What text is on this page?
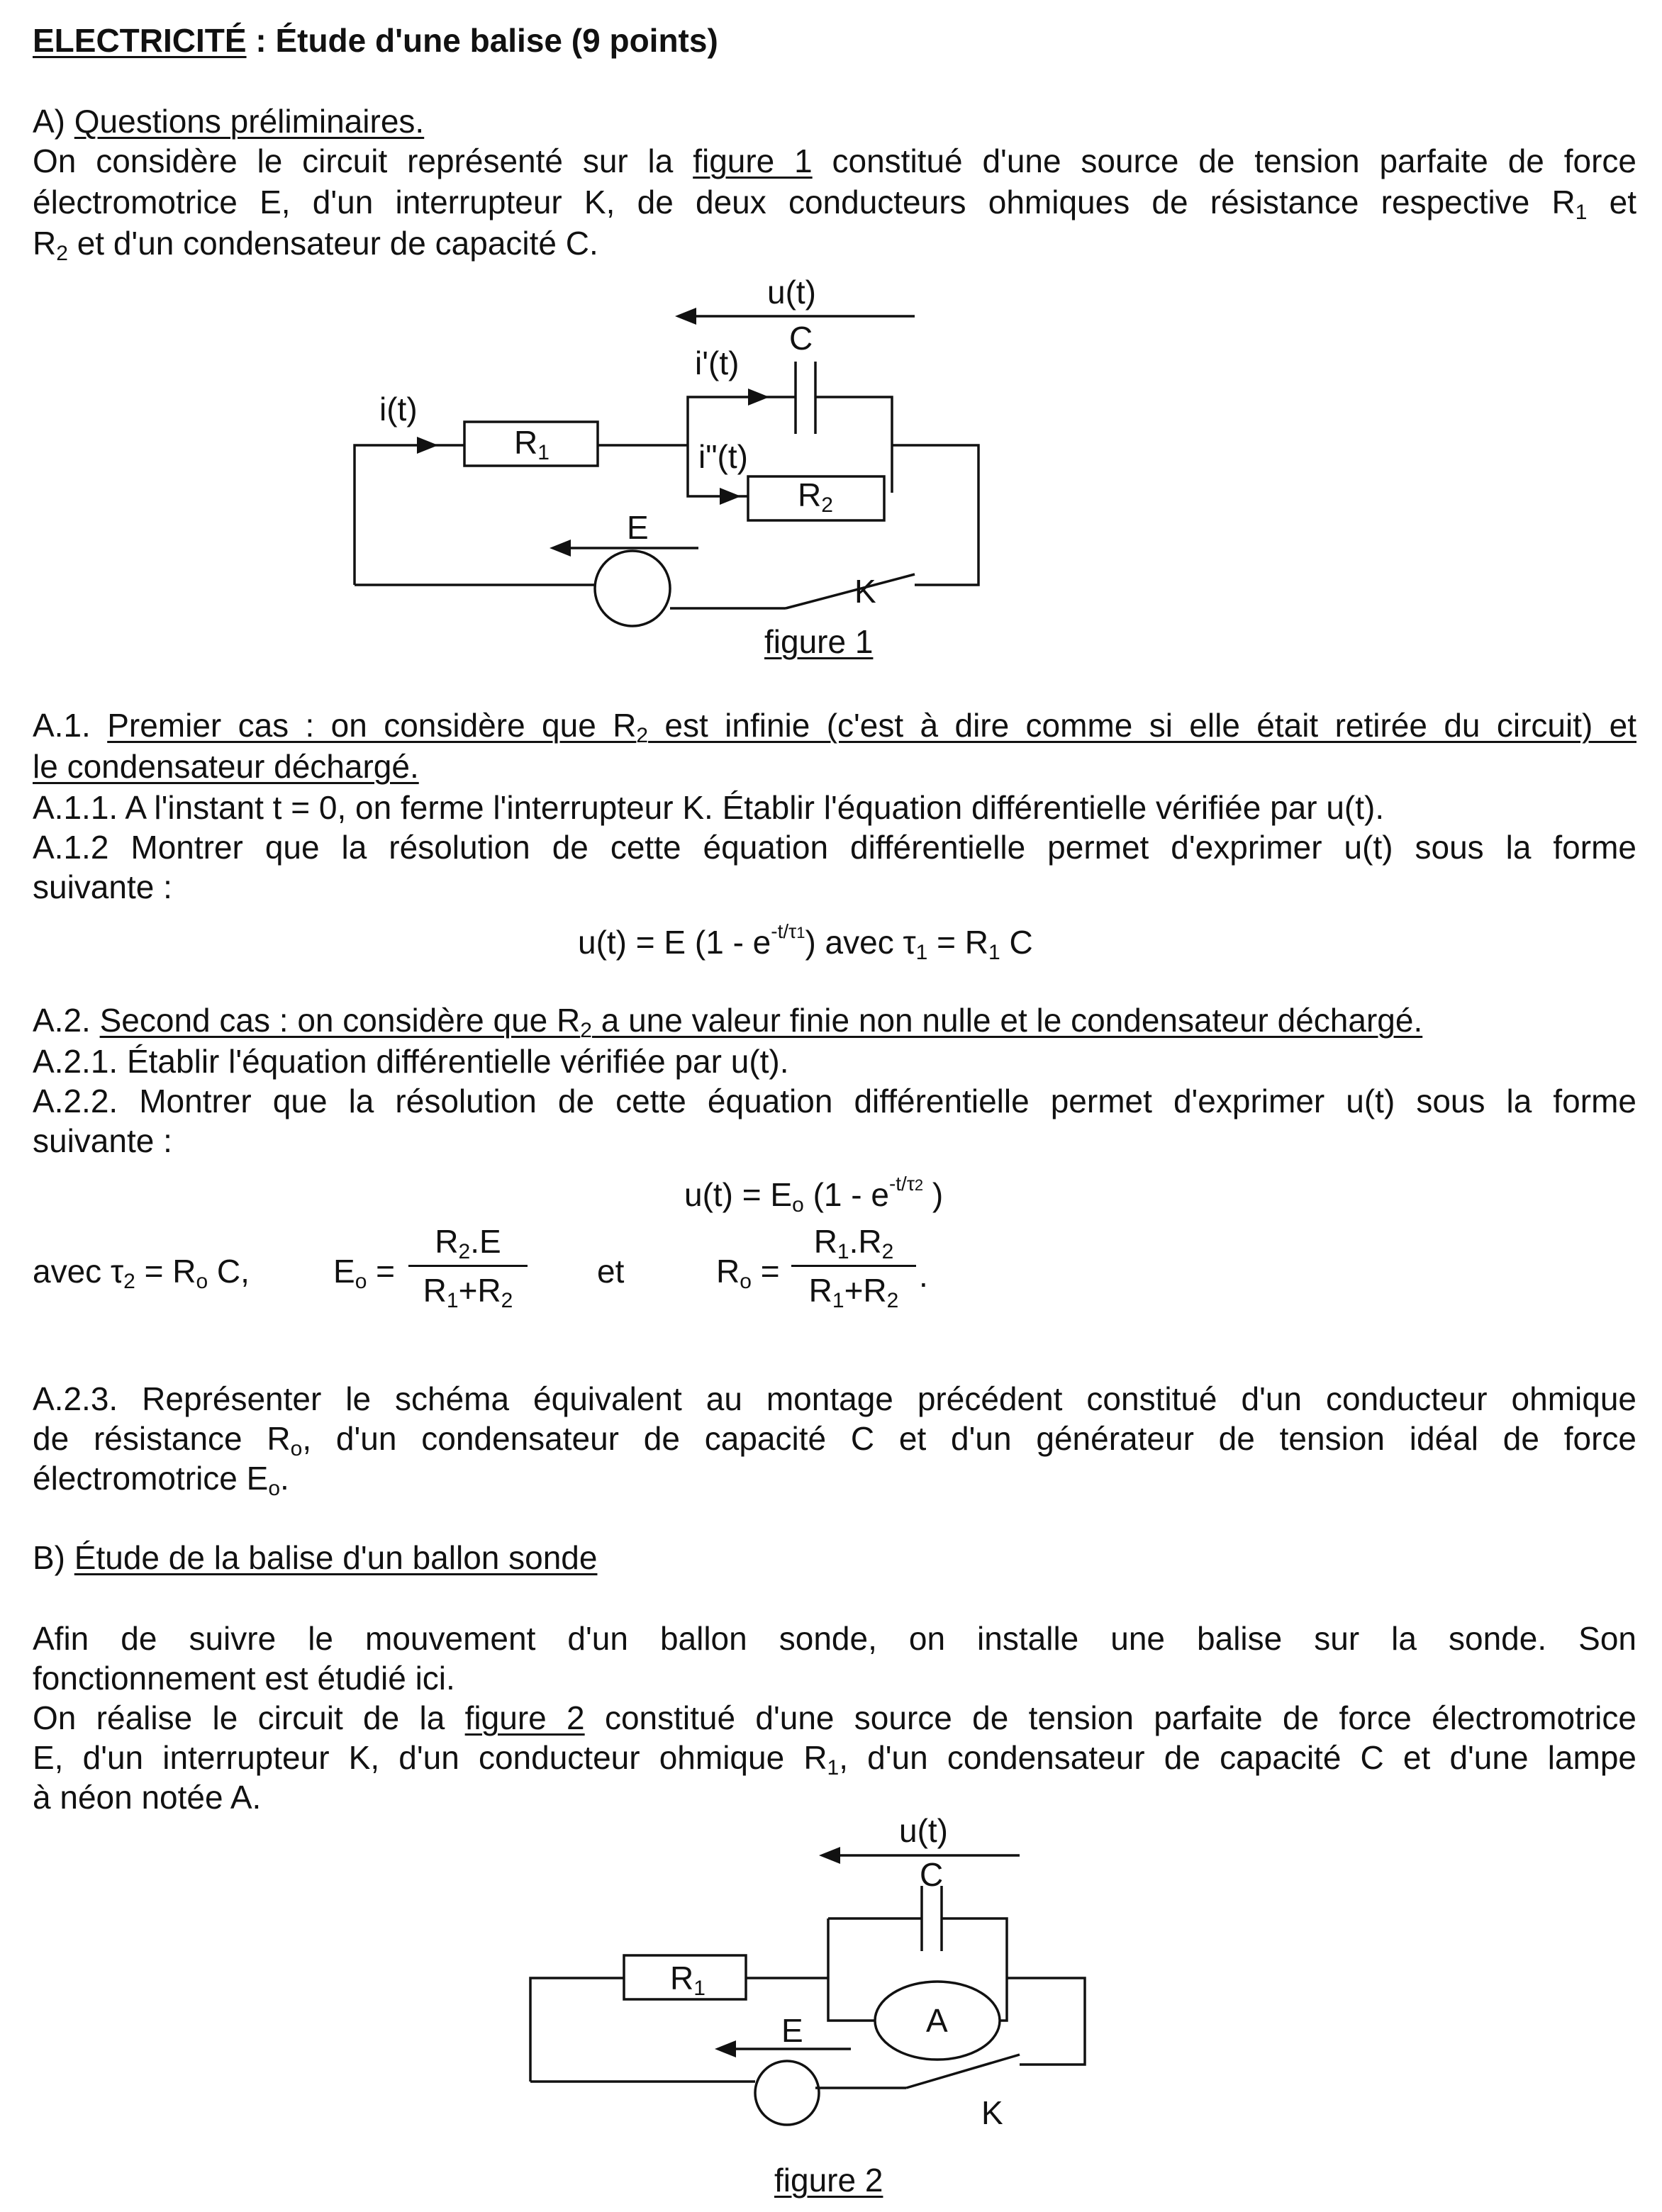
ELECTRICITÉ : Étude d'une balise (9 points)
A) Questions préliminaires.
On considère le circuit représenté sur la figure 1 constitué d'une source de tension parfaite de force
électromotrice E, d'un interrupteur K, de deux conducteurs ohmiques de résistance respective $R_1$ et
$R_2$ et d'un condensateur de capacité C.
u(t)
C
i'(t)
i(t)
R1	i"(t)
R2
E
K
figure 1
A.1. Premier cas : on considère que $R_2$ est infinie (c'est à dire comme si elle était retirée du circuit) et
le condensateur déchargé.
A.1.1. A l'instant t = 0, on ferme l'interrupteur K. Établir l'équation différentielle vérifiée par u(t).
A.1.2 Montrer que la résolution de cette équation différentielle permet d'exprimer u(t) sous la forme
suivante :
u(t) = E $(1 - e^{-t/\tau 1})$ avec $\tau_1 = R_1$ C
A.2. Second cas : on considère que $R_2$ a une valeur finie non nulle et le condensateur déchargé.
A.2.1. Établir l'équation différentielle vérifiée par u(t).
A.2.2. Montrer que la résolution de cette équation différentielle permet d'exprimer u(t) sous la forme
suivante :
$u(t) = E_o$ ($1 - e^{-t/\tau 2}$ )
avec $\tau_2 = R_o$ C,	$E_o$ =
$R_2.E$
$R_1+R_2$
et	$R_o$ =
$R_1.R_2$
$R_1+R_2$
.
A.2.3. Représenter le schéma équivalent au montage précédent constitué d'un conducteur ohmique
de résistance $R_o$, d'un condensateur de capacité C et d'un générateur de tension idéal de force
électromotrice $E_o$.
B) Étude de la balise d'un ballon sonde
Afin de suivre le mouvement d'un ballon sonde, on installe une balise sur la sonde. Son
fonctionnement est étudié ici.
On réalise le circuit de la figure 2 constitué d'une source de tension parfaite de force électromotrice
E, d'un interrupteur K, d'un conducteur ohmique $R_1$, d'un condensateur de capacité C et d'une lampe
à néon notée A.
u(t)
C
R1
A
E
K
figure 2
